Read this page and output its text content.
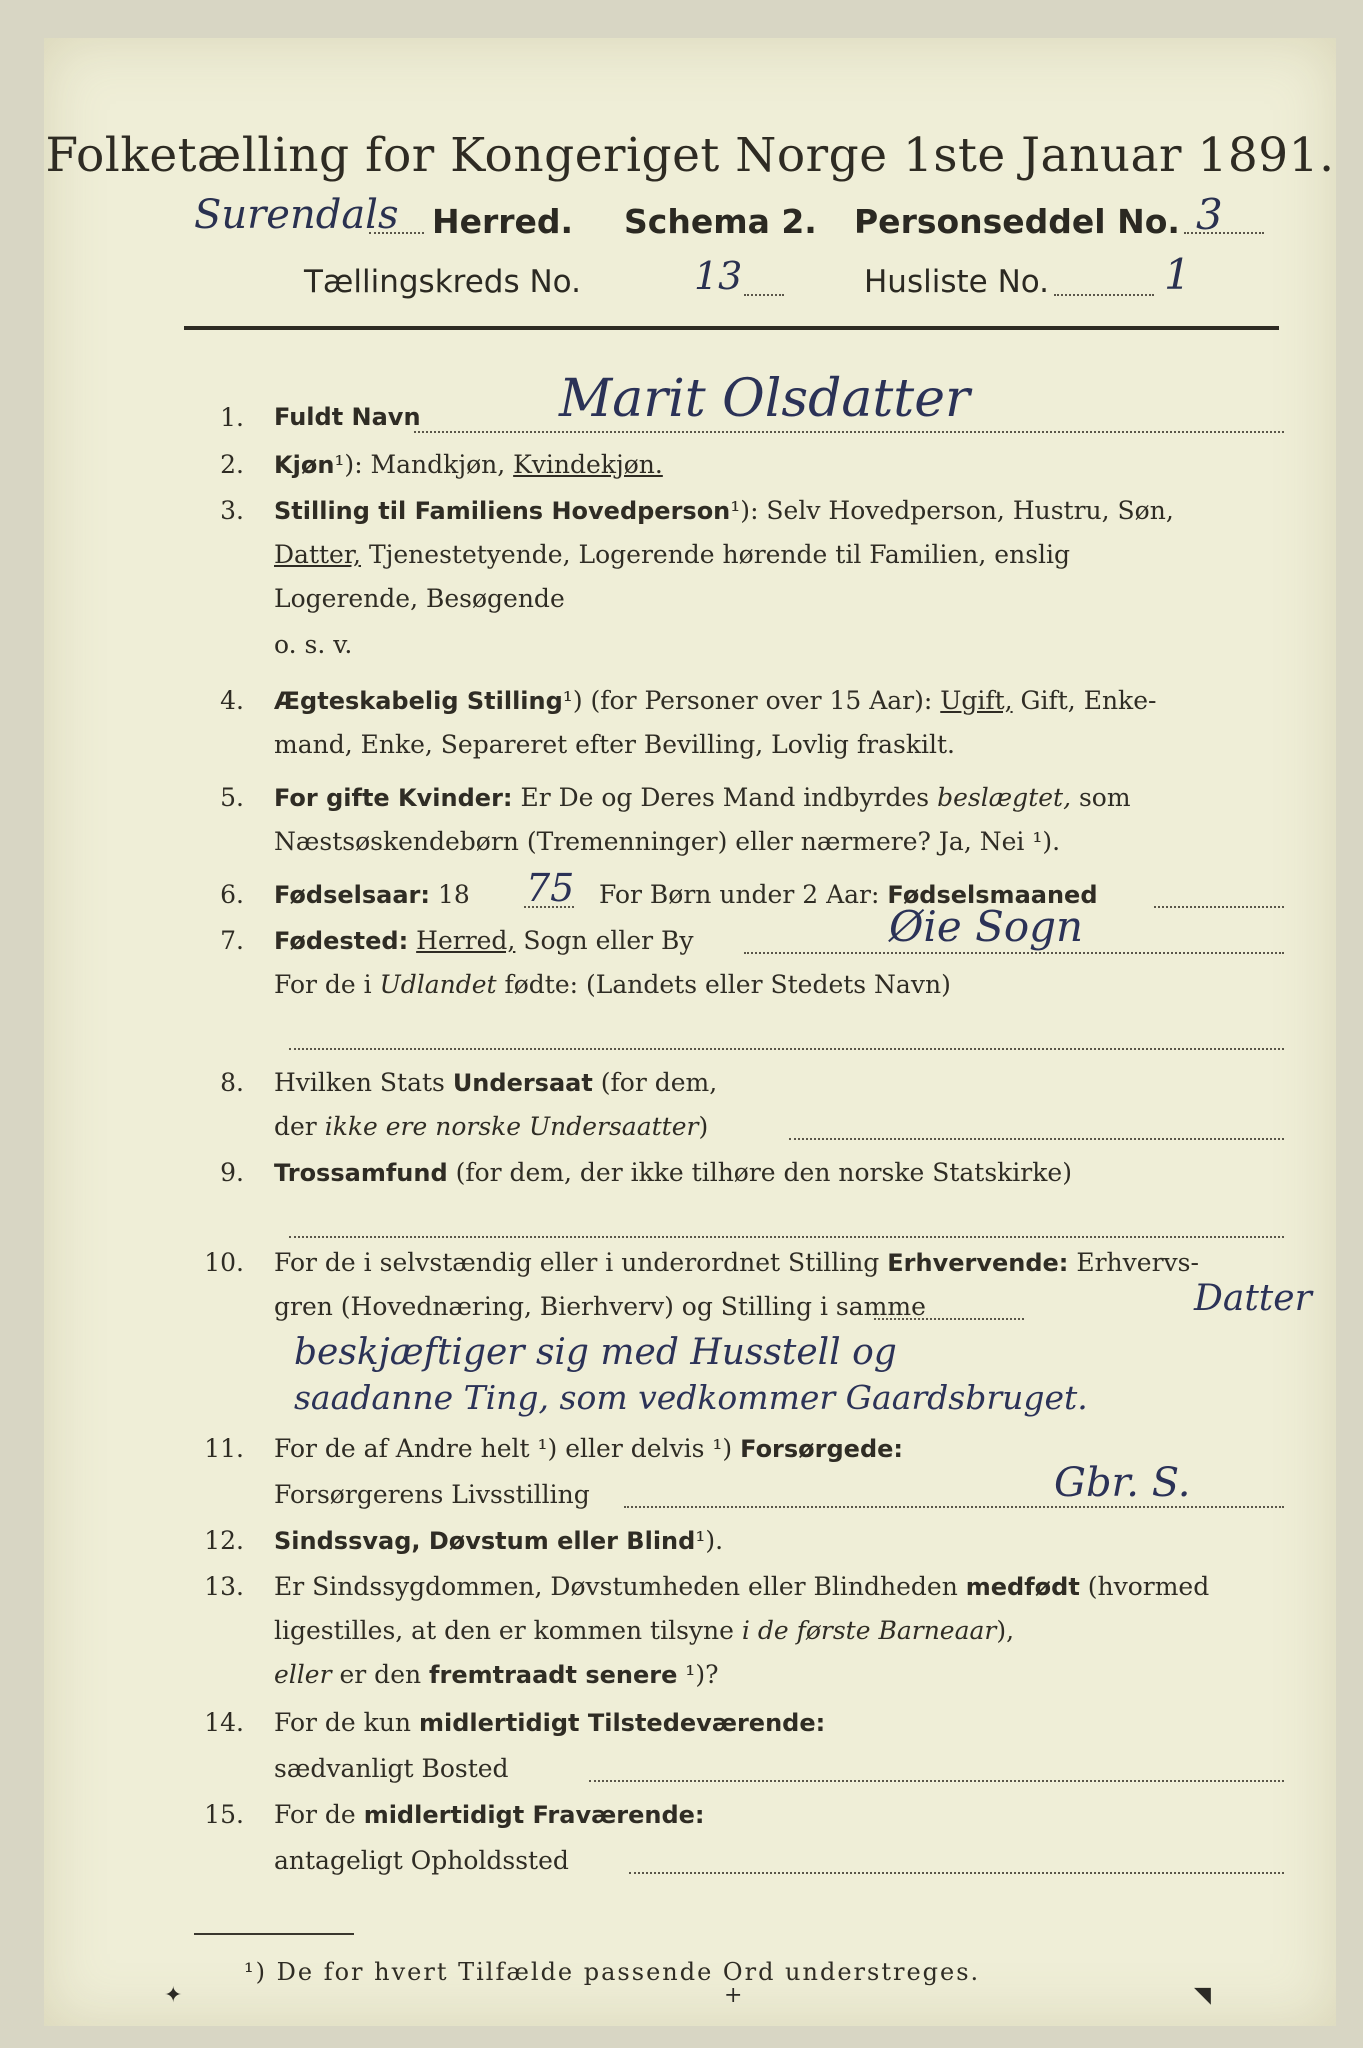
Folketælling for Kongeriget Norge 1ste Januar 1891.
Surendals Herred. Schema 2. Personseddel No. 3
Tællingskreds No.	13	Husliste No.	1
1. Fuldt Navn	Marit Olsdatter
2. Kjøn¹): Mandkjøn, Kvindekjøn.
3. Stilling til Familiens Hovedperson¹): Selv Hovedperson, Hustru, Søn,
Datter, Tjenestetyende, Logerende hørende til Familien, enslig
Logerende, Besøgende
o. s. v.
4. Ægteskabelig Stilling¹) (for Personer over 15 Aar): Ugift, Gift, Enke-
mand, Enke, Separeret efter Bevilling, Lovlig fraskilt.
5. For gifte Kvinder: Er De og Deres Mand indbyrdes beslægtet, som
Næstsøskendebørn (Tremenninger) eller nærmere? Ja, Nei ¹).
6. Fødselsaar: 18 75 For Børn under 2 Aar: Fødselsmaaned
7. Fødested: Herred, Sogn eller By	Øie Sogn
For de i Udlandet fødte: (Landets eller Stedets Navn)
8. Hvilken Stats Undersaat (for dem,
der ikke ere norske Undersaatter)
9. Trossamfund (for dem, der ikke tilhøre den norske Statskirke)
10. For de i selvstændig eller i underordnet Stilling Erhvervende: Erhvervs-
gren (Hovednæring, Bierhverv) og Stilling i samme	Datter
beskjæftiger sig med Husstell og
saadanne Ting, som vedkommer Gaardsbruget.
11. For de af Andre helt ¹) eller delvis ¹) Forsørgede:
Forsørgerens Livsstilling	Gbr. S.
12. Sindssvag, Døvstum eller Blind¹).
13. Er Sindssygdommen, Døvstumheden eller Blindheden medfødt (hvormed
ligestilles, at den er kommen tilsyne i de første Barneaar),
eller er den fremtraadt senere ¹)?
14. For de kun midlertidigt Tilstedeværende:
sædvanligt Bosted
15. For de midlertidigt Fraværende:
antageligt Opholdssted
¹) De for hvert Tilfælde passende Ord understreges.
✦	+	◥
